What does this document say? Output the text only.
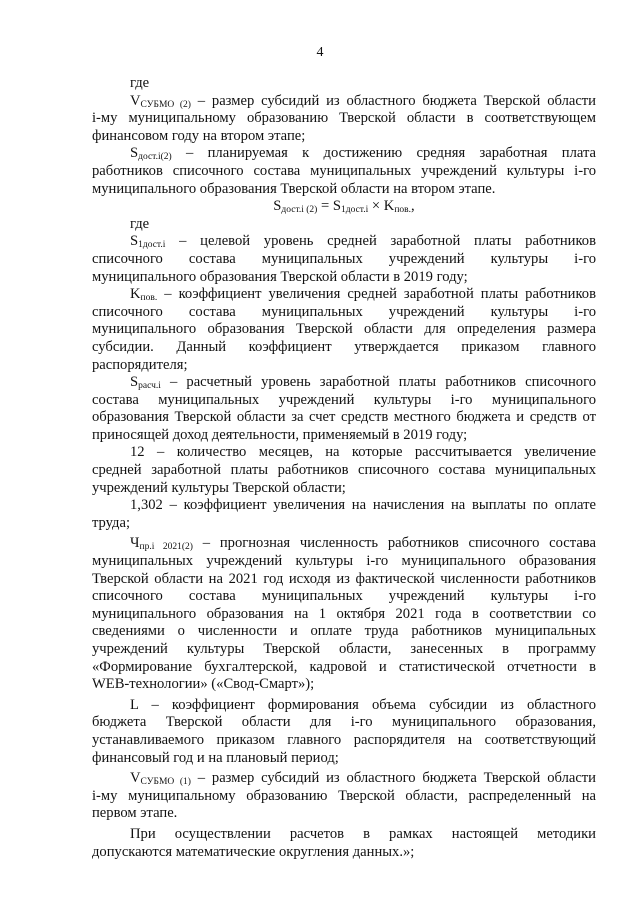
4

где

$V_{СУБМО (2)}$ – размер субсидий из областного бюджета Тверской области

i-му муниципальному образованию Тверской области в соответствующем

финансовом году на втором этапе;

$S_{дост.i(2)}$ – планируемая к достижению средняя заработная плата

работников списочного состава муниципальных учреждений культуры i-го

муниципального образования Тверской области на втором этапе.

$S_{дост.i (2)} = S_{1дост.i} \times K_{пов.}$,

где

$S_{1дост.i}$ – целевой уровень средней заработной платы работников

списочного состава муниципальных учреждений культуры i-го

муниципального образования Тверской области в 2019 году;

$K_{пов.}$ – коэффициент увеличения средней заработной платы работников

списочного состава муниципальных учреждений культуры i-го

муниципального образования Тверской области для определения размера

субсидии. Данный коэффициент утверждается приказом главного

распорядителя;

$S_{расч.i}$ – расчетный уровень заработной платы работников списочного

состава муниципальных учреждений культуры i-го муниципального

образования Тверской области за счет средств местного бюджета и средств от

приносящей доход деятельности, применяемый в 2019 году;

12 – количество месяцев, на которые рассчитывается увеличение

средней заработной платы работников списочного состава муниципальных

учреждений культуры Тверской области;

1,302 – коэффициент увеличения на начисления на выплаты по оплате

труда;

$Ч_{пр.i 2021(2)}$ – прогнозная численность работников списочного состава

муниципальных учреждений культуры i-го муниципального образования

Тверской области на 2021 год исходя из фактической численности работников

списочного состава муниципальных учреждений культуры i-го

муниципального образования на 1 октября 2021 года в соответствии со

сведениями о численности и оплате труда работников муниципальных

учреждений культуры Тверской области, занесенных в программу

«Формирование бухгалтерской, кадровой и статистической отчетности в

WEB-технологии» («Свод-Смарт»);

L – коэффициент формирования объема субсидии из областного

бюджета Тверской области для i-го муниципального образования,

устанавливаемого приказом главного распорядителя на соответствующий

финансовый год и на плановый период;

$V_{СУБМО (1)}$ – размер субсидий из областного бюджета Тверской области

i-му муниципальному образованию Тверской области, распределенный на

первом этапе.

При осуществлении расчетов в рамках настоящей методики

допускаются математические округления данных.»;
